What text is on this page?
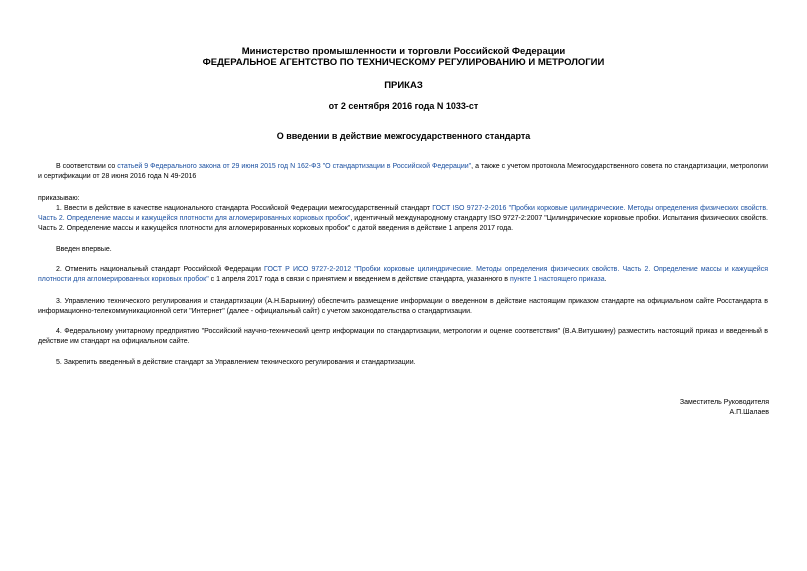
Министерство промышленности и торговли Российской Федерации
ФЕДЕРАЛЬНОЕ АГЕНТСТВО ПО ТЕХНИЧЕСКОМУ РЕГУЛИРОВАНИЮ И МЕТРОЛОГИИ
ПРИКАЗ
от 2 сентября 2016 года N 1033-ст
О введении в действие межгосударственного стандарта
В соответствии со статьей 9 Федерального закона от 29 июня 2015 год N 162-ФЗ "О стандартизации в Российской Федерации", а также с учетом протокола Межгосударственного совета по стандартизации, метрологии и сертификации от 28 июня 2016 года N 49-2016
приказываю:
1. Ввести в действие в качестве национального стандарта Российской Федерации межгосударственный стандарт ГОСТ ISO 9727-2-2016 "Пробки корковые цилиндрические. Методы определения физических свойств. Часть 2. Определение массы и кажущейся плотности для агломерированных корковых пробок", идентичный международному стандарту ISO 9727-2:2007 "Цилиндрические корковые пробки. Испытания физических свойств. Часть 2. Определение массы и кажущейся плотности для агломерированных корковых пробок" с датой введения в действие 1 апреля 2017 года.
Введен впервые.
2. Отменить национальный стандарт Российской Федерации ГОСТ Р ИСО 9727-2-2012 "Пробки корковые цилиндрические. Методы определения физических свойств. Часть 2. Определение массы и кажущейся плотности для агломерированных корковых пробок" с 1 апреля 2017 года в связи с принятием и введением в действие стандарта, указанного в пункте 1 настоящего приказа.
3. Управлению технического регулирования и стандартизации (А.Н.Барыкину) обеспечить размещение информации о введенном в действие настоящим приказом стандарте на официальном сайте Росстандарта в информационно-телекоммуникационной сети "Интернет" (далее - официальный сайт) с учетом законодательства о стандартизации.
4. Федеральному унитарному предприятию "Российский научно-технический центр информации по стандартизации, метрологии и оценке соответствия" (В.А.Витушкину) разместить настоящий приказ и введенный в действие им стандарт на официальном сайте.
5. Закрепить введенный в действие стандарт за Управлением технического регулирования и стандартизации.
Заместитель Руководителя
А.П.Шалаев
